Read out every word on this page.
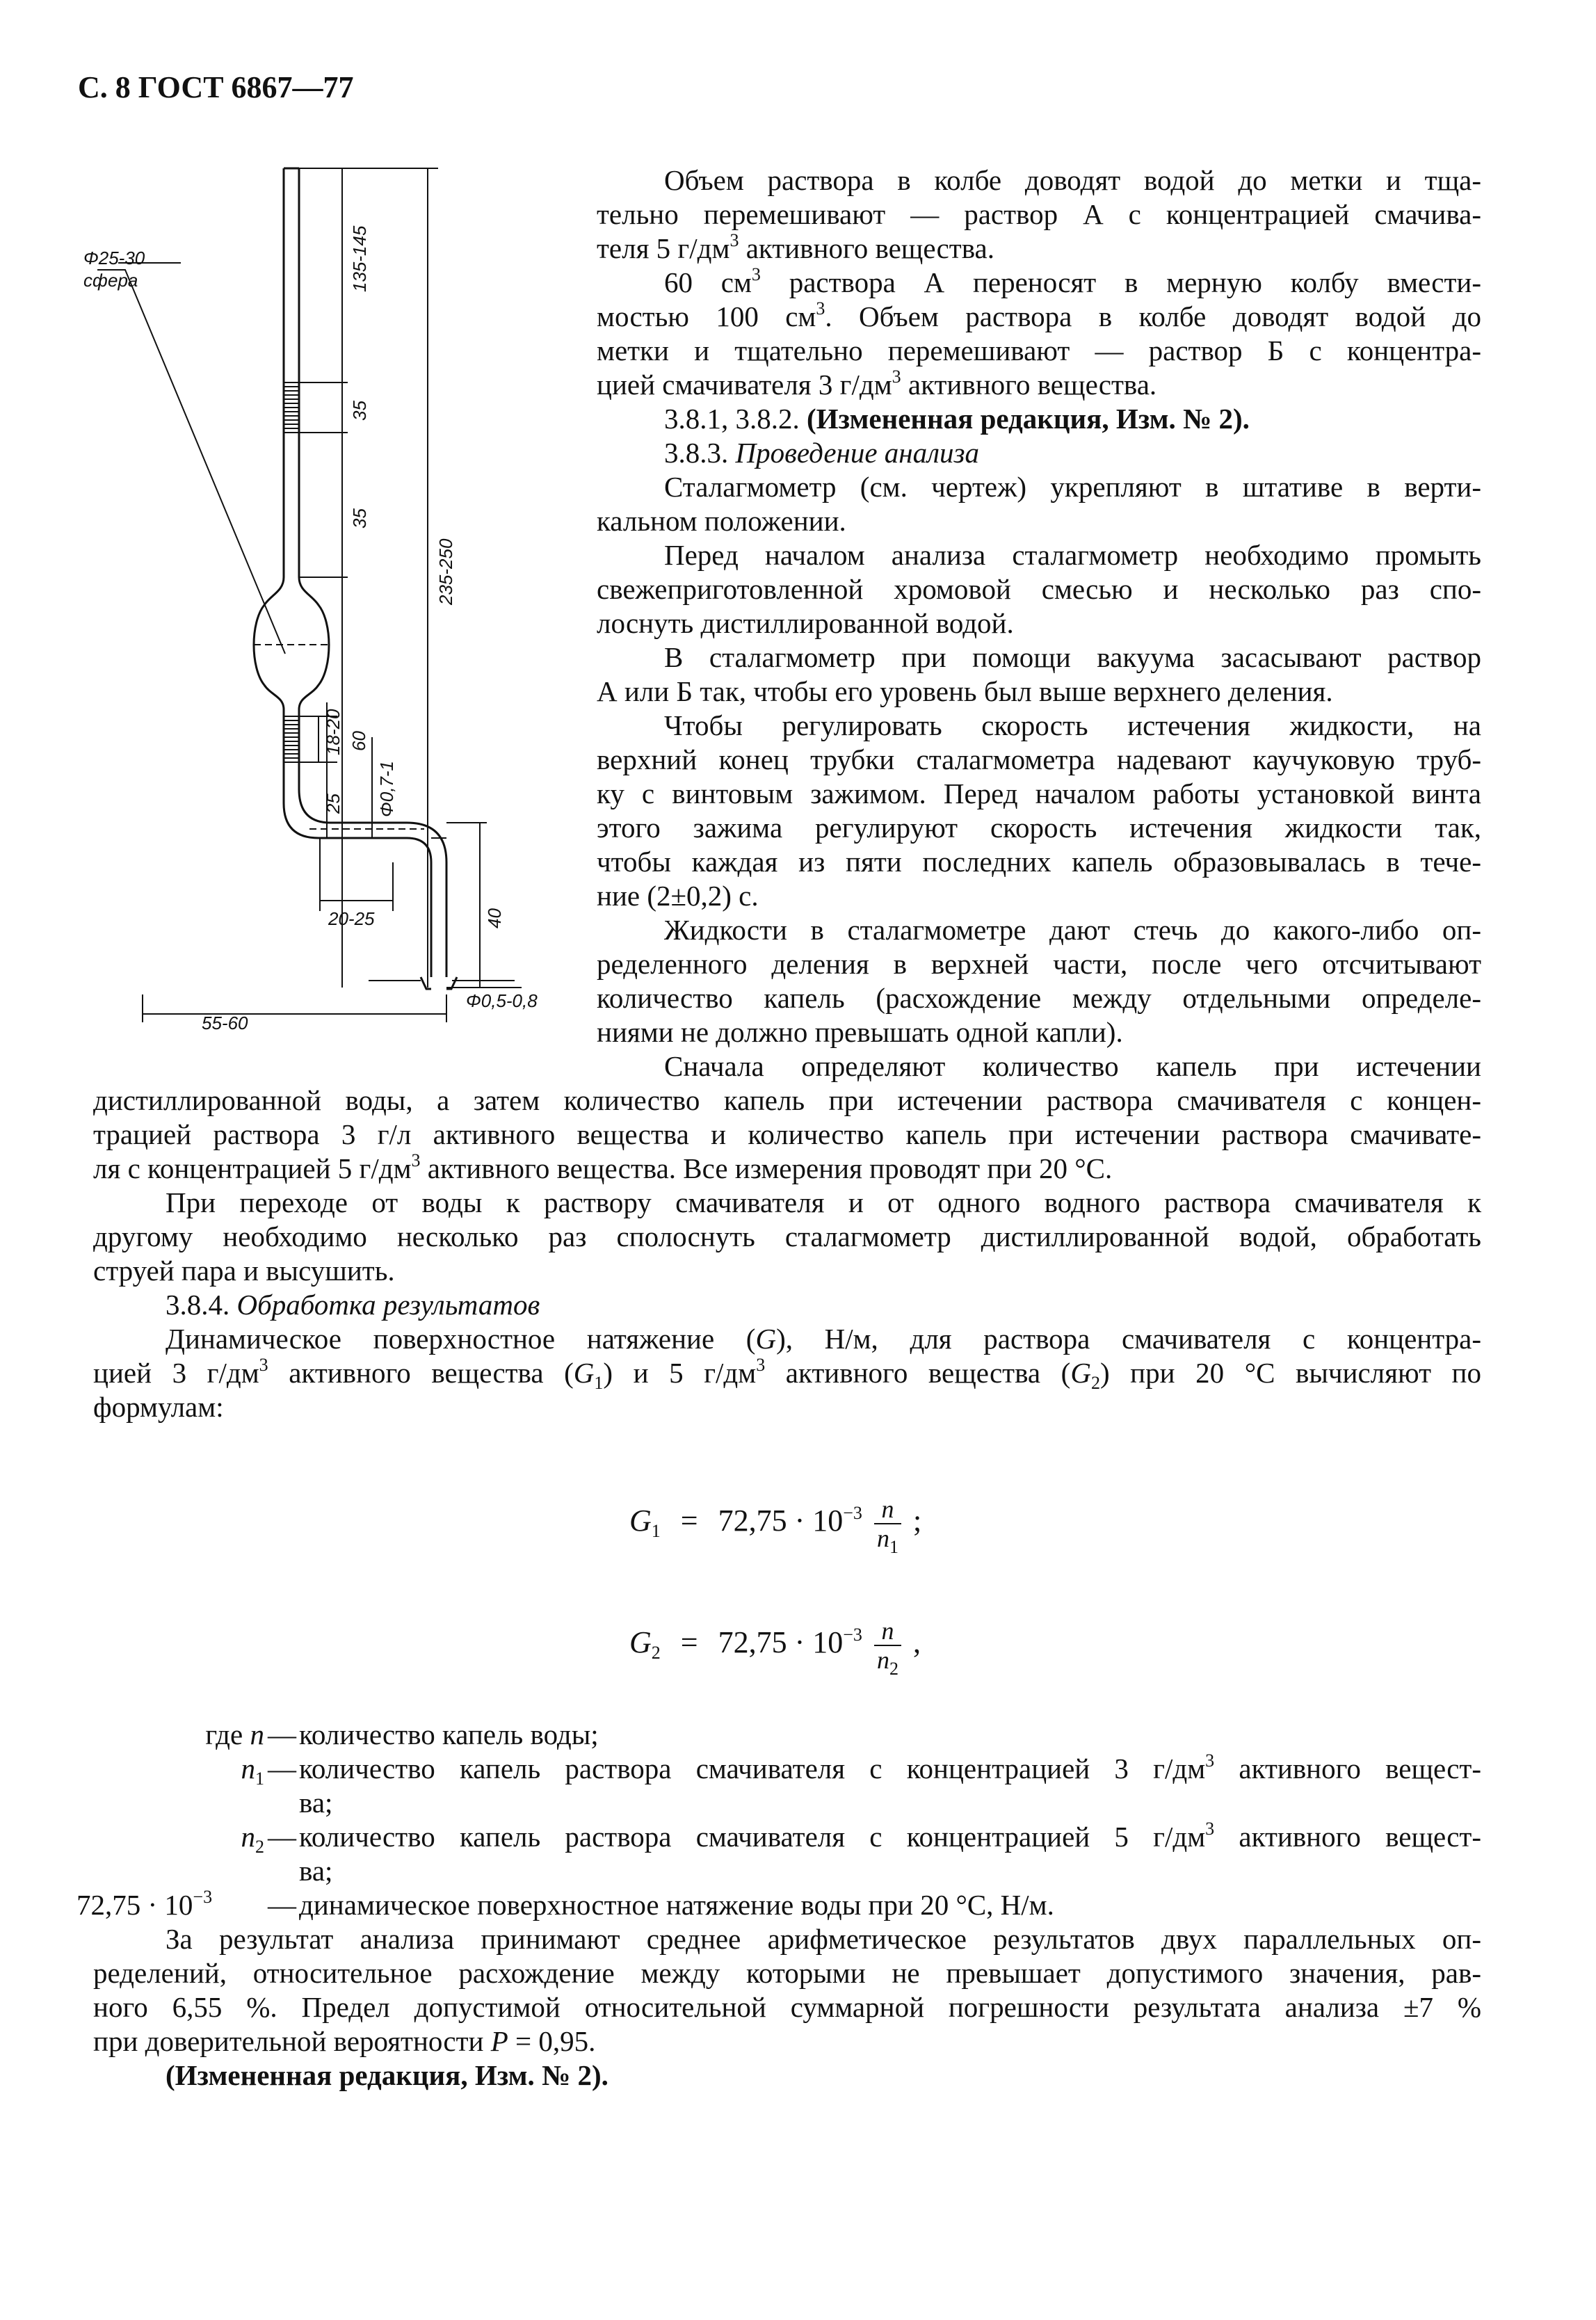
С. 8 ГОСТ 6867—77
Φ25-30
сфера	135-145
35
35
235-250
18-20 60
25 Φ0,7-1
20-25	40
Φ0,5-0,8
55-60
Объем раствора в колбе доводят водой до метки и тща-
тельно перемешивают — раствор А с концентрацией смачива-
теля 5 $г/дм^3$ активного вещества.
60 $см^3$ раствора А переносят в мерную колбу вмести-
мостью 100 $см^3$. Объем раствора в колбе доводят водой до
метки и тщательно перемешивают — раствор Б с концентра-
цией смачивателя 3 $г/дм^3$ активного вещества.
3.8.1, 3.8.2. (Измененная редакция, Изм. № 2).
3.8.3. Проведение анализа
Сталагмометр (см. чертеж) укрепляют в штативе в верти-
кальном положении.
Перед началом анализа сталагмометр необходимо промыть
свежеприготовленной хромовой смесью и несколько раз спо-
лоснуть дистиллированной водой.
В сталагмометр при помощи вакуума засасывают раствор
А или Б так, чтобы его уровень был выше верхнего деления.
Чтобы регулировать скорость истечения жидкости, на
верхний конец трубки сталагмометра надевают каучуковую труб-
ку с винтовым зажимом. Перед началом работы установкой винта
этого зажима регулируют скорость истечения жидкости так,
чтобы каждая из пяти последних капель образовывалась в тече-
ние (2±0,2) с.
Жидкости в сталагмометре дают стечь до какого-либо оп-
ределенного деления в верхней части, после чего отсчитывают
количество капель (расхождение между отдельными определе-
ниями не должно превышать одной капли).
Сначала определяют количество капель при истечении
дистиллированной воды, а затем количество капель при истечении раствора смачивателя с концен-
трацией раствора 3 г/л активного вещества и количество капель при истечении раствора смачивате-
ля с концентрацией 5 $г/дм^3$ активного вещества. Все измерения проводят при 20 °С.
При переходе от воды к раствору смачивателя и от одного водного раствора смачивателя к
другому необходимо несколько раз сполоснуть сталагмометр дистиллированной водой, обработать
струей пара и высушить.
3.8.4. Обработка результатов
Динамическое поверхностное натяжение (G), Н/м, для раствора смачивателя с концентра-
цией 3 $г/дм^3$ активного вещества $(G_1)$ и 5 $г/дм^3$ активного вещества $(G_2)$ при 20 °С вычисляют по
формулам:
$G_1 = 72,75 \cdot 10^{-3} \frac{n}{n_1}$ ;
$G_2 = 72,75 \cdot 10^{-3} \frac{n}{n_2}$ ,
где n — количество капель воды;
$n_1$ — количество капель раствора смачивателя с концентрацией 3 $г/дм^3$ активного вещест-
ва;
$n_2$ — количество капель раствора смачивателя с концентрацией 5 $г/дм^3$ активного вещест-
ва;
$72,75 \cdot 10^{-3}$	— динамическое поверхностное натяжение воды при 20 °С, Н/м.
За результат анализа принимают среднее арифметическое результатов двух параллельных оп-
ределений, относительное расхождение между которыми не превышает допустимого значения, рав-
ного 6,55 %. Предел допустимой относительной суммарной погрешности результата анализа ±7 %
при доверительной вероятности P = 0,95.
(Измененная редакция, Изм. № 2).
